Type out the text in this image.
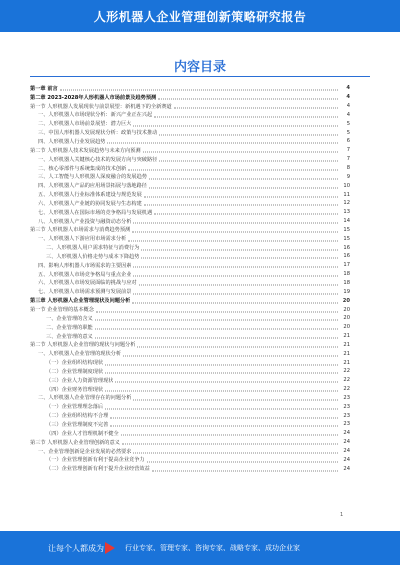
人形机器人企业管理创新策略研究报告
内容目录
第一章 前言	4
第二章 2023-2028年人形机器人市场前景及趋势预测	4
第一节 人形机器人发展现状与前景展望：新机遇下的全新赛道	4
一、人形机器人市场现状分析：新兴产业正在兴起	4
二、人形机器人市场前景展望：潜力巨大	5
三、中国人形机器人发展现状分析：政策与技术推动	5
四、人形机器人行业发展趋势	6
第二节 人形机器人技术发展趋势与未来方向预测	7
一、人形机器人关键核心技术的发展方向与突破路径	7
二、核心零部件与系统集成的技术创新	8
三、人工智能与人形机器人深度融合的发展趋势	9
四、人形机器人产品的应用场景拓展与落地路径	10
五、人形机器人行业标准体系建设与规范发展	11
六、人形机器人产业链的协同发展与生态构建	12
七、人形机器人在国际市场的竞争格局与发展机遇	13
八、人形机器人产业投资与融资动态分析	14
第三节 人形机器人市场需求与消费趋势预测	15
一、人形机器人下游应用市场需求分析	15
二、人形机器人用户需求特征与消费行为	16
三、人形机器人价格走势与成本下降趋势	16
四、影响人形机器人市场需求的主要因素	17
五、人形机器人市场竞争格局与重点企业	18
六、人形机器人市场发展面临的挑战与应对	18
七、人形机器人市场需求预测与发展前景	19
第三章 人形机器人企业管理现状及问题分析	20
第一节 企业管理的基本概念	20
一、企业管理的含义	20
二、企业管理的职能	20
三、企业管理的意义	21
第二节 人形机器人企业管理的现状与问题分析	21
一、人形机器人企业管理的现状分析	21
（一）企业组织结构现状	21
（二）企业管理制度现状	22
（三）企业人力资源管理现状	22
（四）企业财务管理现状	22
二、人形机器人企业管理存在的问题分析	23
（一）企业管理理念落后	23
（二）企业组织结构不合理	23
（三）企业管理制度不完善	23
（四）企业人才管理机制不健全	24
第三节 人形机器人企业管理创新的意义	24
一、企业管理创新是企业发展的必然要求	24
（一）企业管理创新有利于提高企业竞争力	24
（二）企业管理创新有利于提升企业经营效益	24
1
让每个人都成为	行业专家、管理专家、咨询专家、战略专家、成功企业家
